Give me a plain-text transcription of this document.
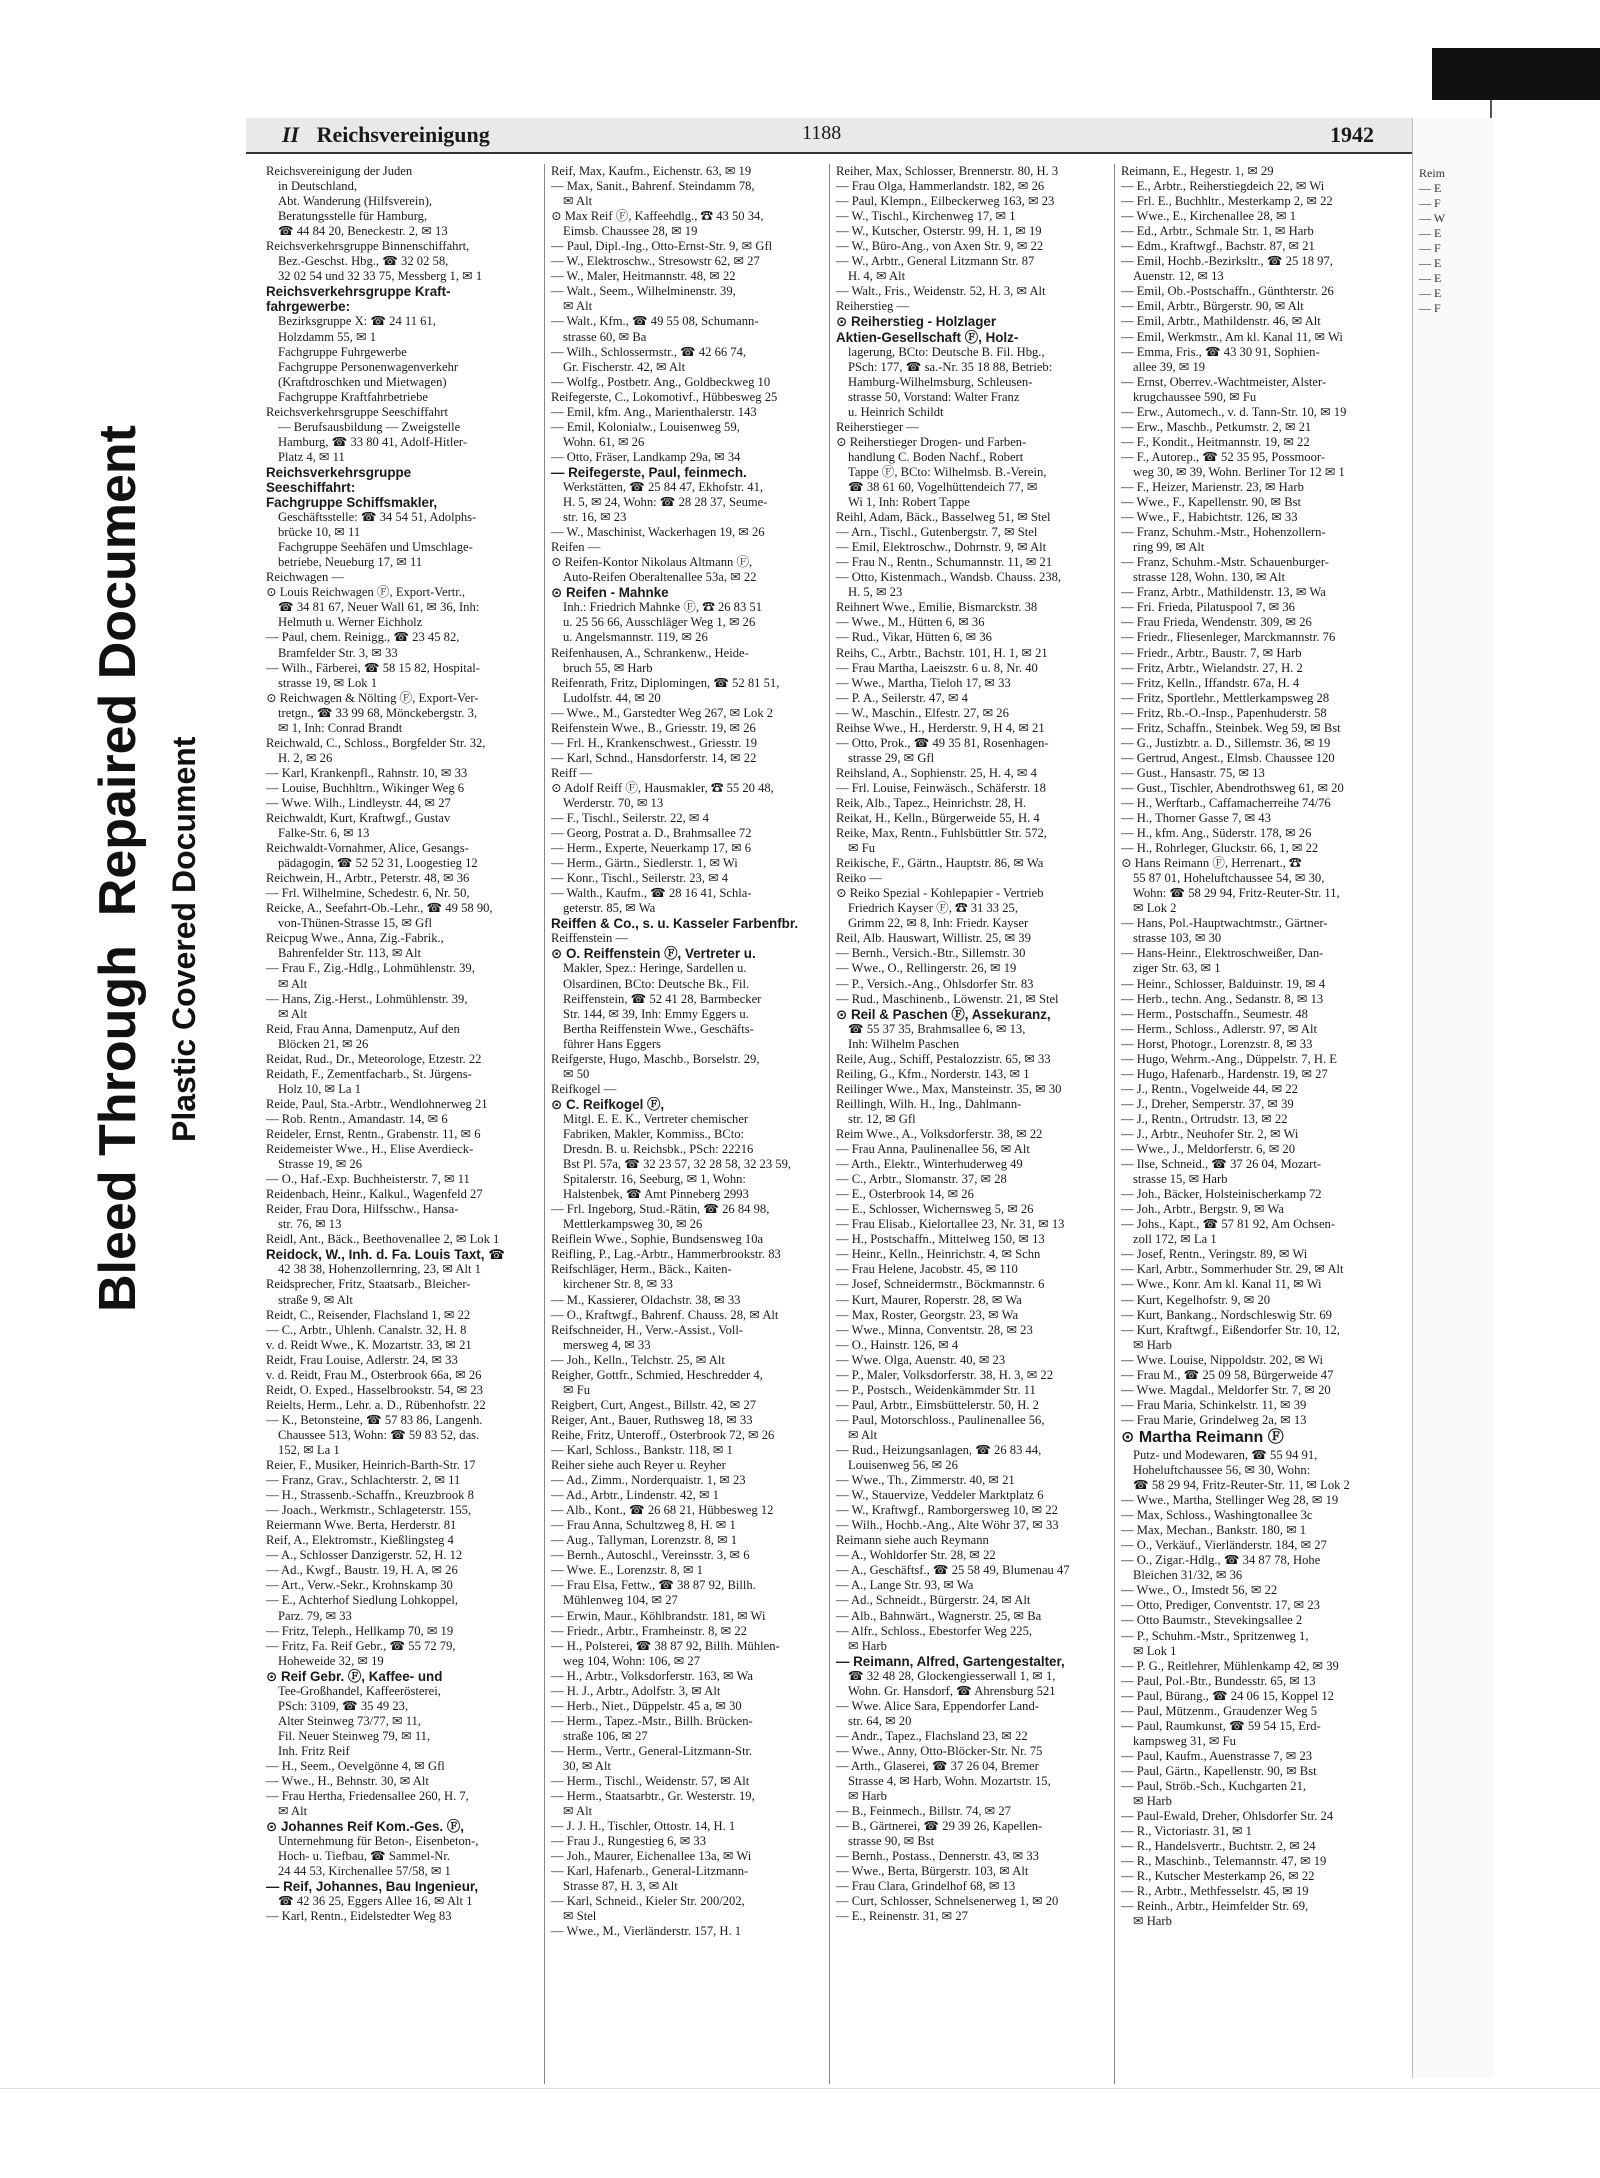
Bleed Through  Repaired Document
Plastic Covered Document
II Reichsvereinigung	1188	1942
Reichsvereinigung der Juden
in Deutschland,
Abt. Wanderung (Hilfsverein),
Beratungsstelle für Hamburg,
☎ 44 84 20, Beneckestr. 2, ✉ 13
Reichsverkehrsgruppe Binnenschiffahrt,
Bez.-Geschst. Hbg., ☎ 32 02 58,
32 02 54 und 32 33 75, Messberg 1, ✉ 1
Reichsverkehrsgruppe Kraft-
fahrgewerbe:
Bezirksgruppe X: ☎ 24 11 61,
Holzdamm 55, ✉ 1
Fachgruppe Fuhrgewerbe
Fachgruppe Personenwagenverkehr
(Kraftdroschken und Mietwagen)
Fachgruppe Kraftfahrbetriebe
Reichsverkehrsgruppe Seeschiffahrt
— Berufsausbildung — Zweigstelle
Hamburg, ☎ 33 80 41, Adolf-Hitler-
Platz 4, ✉ 11
Reichsverkehrsgruppe
Seeschiffahrt:
Fachgruppe Schiffsmakler,
Geschäftsstelle: ☎ 34 54 51, Adolphs-
brücke 10, ✉ 11
Fachgruppe Seehäfen und Umschlage-
betriebe, Neueburg 17, ✉ 11
Reichwagen —
⊙ Louis Reichwagen Ⓕ, Export-Vertr.,
☎ 34 81 67, Neuer Wall 61, ✉ 36, Inh:
Helmuth u. Werner Eichholz
— Paul, chem. Reinigg., ☎ 23 45 82,
Bramfelder Str. 3, ✉ 33
— Wilh., Färberei, ☎ 58 15 82, Hospital-
strasse 19, ✉ Lok 1
⊙ Reichwagen & Nölting Ⓕ, Export-Ver-
tretgn., ☎ 33 99 68, Mönckebergstr. 3,
✉ 1, Inh: Conrad Brandt
Reichwald, C., Schloss., Borgfelder Str. 32,
H. 2, ✉ 26
— Karl, Krankenpfl., Rahnstr. 10, ✉ 33
— Louise, Buchhltrn., Wikinger Weg 6
— Wwe. Wilh., Lindleystr. 44, ✉ 27
Reichwaldt, Kurt, Kraftwgf., Gustav
Falke-Str. 6, ✉ 13
Reichwaldt-Vornahmer, Alice, Gesangs-
pädagogin, ☎ 52 52 31, Loogestieg 12
Reichwein, H., Arbtr., Peterstr. 48, ✉ 36
— Frl. Wilhelmine, Schedestr. 6, Nr. 50,
Reicke, A., Seefahrt-Ob.-Lehr., ☎ 49 58 90,
von-Thünen-Strasse 15, ✉ Gfl
Reicpug Wwe., Anna, Zig.-Fabrik.,
Bahrenfelder Str. 113, ✉ Alt
— Frau F., Zig.-Hdlg., Lohmühlenstr. 39,
✉ Alt
— Hans, Zig.-Herst., Lohmühlenstr. 39,
✉ Alt
Reid, Frau Anna, Damenputz, Auf den
Blöcken 21, ✉ 26
Reidat, Rud., Dr., Meteorologe, Etzestr. 22
Reidath, F., Zementfacharb., St. Jürgens-
Holz 10, ✉ La 1
Reide, Paul, Sta.-Arbtr., Wendlohnerweg 21
— Rob. Rentn., Amandastr. 14, ✉ 6
Reideler, Ernst, Rentn., Grabenstr. 11, ✉ 6
Reidemeister Wwe., H., Elise Averdieck-
Strasse 19, ✉ 26
— O., Haf.-Exp. Buchheisterstr. 7, ✉ 11
Reidenbach, Heinr., Kalkul., Wagenfeld 27
Reider, Frau Dora, Hilfsschw., Hansa-
str. 76, ✉ 13
Reidl, Ant., Bäck., Beethovenallee 2, ✉ Lok 1
Reidock, W., Inh. d. Fa. Louis Taxt, ☎
42 38 38, Hohenzollernring, 23, ✉ Alt 1
Reidsprecher, Fritz, Staatsarb., Bleicher-
straße 9, ✉ Alt
Reidt, C., Reisender, Flachsland 1, ✉ 22
— C., Arbtr., Uhlenh. Canalstr. 32, H. 8
v. d. Reidt Wwe., K. Mozartstr. 33, ✉ 21
Reidt, Frau Louise, Adlerstr. 24, ✉ 33
v. d. Reidt, Frau M., Osterbrook 66a, ✉ 26
Reidt, O. Exped., Hasselbrookstr. 54, ✉ 23
Reielts, Herm., Lehr. a. D., Rübenhofstr. 22
— K., Betonsteine, ☎ 57 83 86, Langenh.
Chaussee 513, Wohn: ☎ 59 83 52, das.
152, ✉ La 1
Reier, F., Musiker, Heinrich-Barth-Str. 17
— Franz, Grav., Schlachterstr. 2, ✉ 11
— H., Strassenb.-Schaffn., Kreuzbrook 8
— Joach., Werkmstr., Schlageterstr. 155,
Reiermann Wwe. Berta, Herderstr. 81
Reif, A., Elektromstr., Kießlingsteg 4
— A., Schlosser Danzigerstr. 52, H. 12
— Ad., Kwgf., Baustr. 19, H. A, ✉ 26
— Art., Verw.-Sekr., Krohnskamp 30
— E., Achterhof Siedlung Lohkoppel,
Parz. 79, ✉ 33
— Fritz, Teleph., Hellkamp 70, ✉ 19
— Fritz, Fa. Reif Gebr., ☎ 55 72 79,
Hoheweide 32, ✉ 19
⊙ Reif Gebr. Ⓕ, Kaffee- und
Tee-Großhandel, Kaffeerösterei,
PSch: 3109, ☎ 35 49 23,
Alter Steinweg 73/77, ✉ 11,
Fil. Neuer Steinweg 79, ✉ 11,
Inh. Fritz Reif
— H., Seem., Oevelgönne 4, ✉ Gfl
— Wwe., H., Behnstr. 30, ✉ Alt
— Frau Hertha, Friedensallee 260, H. 7,
✉ Alt
⊙ Johannes Reif Kom.-Ges. Ⓕ,
Unternehmung für Beton-, Eisenbeton-,
Hoch- u. Tiefbau, ☎ Sammel-Nr.
24 44 53, Kirchenallee 57/58, ✉ 1
— Reif, Johannes, Bau Ingenieur,
☎ 42 36 25, Eggers Allee 16, ✉ Alt 1
— Karl, Rentn., Eidelstedter Weg 83
Reif, Max, Kaufm., Eichenstr. 63, ✉ 19
— Max, Sanit., Bahrenf. Steindamm 78,
✉ Alt
⊙ Max Reif Ⓕ, Kaffeehdlg., ☎ 43 50 34,
Eimsb. Chaussee 28, ✉ 19
— Paul, Dipl.-Ing., Otto-Ernst-Str. 9, ✉ Gfl
— W., Elektroschw., Stresowstr 62, ✉ 27
— W., Maler, Heitmannstr. 48, ✉ 22
— Walt., Seem., Wilhelminenstr. 39,
✉ Alt
— Walt., Kfm., ☎ 49 55 08, Schumann-
strasse 60, ✉ Ba
— Wilh., Schlossermstr., ☎ 42 66 74,
Gr. Fischerstr. 42, ✉ Alt
— Wolfg., Postbetr. Ang., Goldbeckweg 10
Reifegerste, C., Lokomotivf., Hübbesweg 25
— Emil, kfm. Ang., Marienthalerstr. 143
— Emil, Kolonialw., Louisenweg 59,
Wohn. 61, ✉ 26
— Otto, Fräser, Landkamp 29a, ✉ 34
— Reifegerste, Paul, feinmech.
Werkstätten, ☎ 25 84 47, Ekhofstr. 41,
H. 5, ✉ 24, Wohn: ☎ 28 28 37, Seume-
str. 16, ✉ 23
— W., Maschinist, Wackerhagen 19, ✉ 26
Reifen —
⊙ Reifen-Kontor Nikolaus Altmann Ⓕ,
Auto-Reifen Oberaltenallee 53a, ✉ 22
⊙ Reifen - Mahnke
Inh.: Friedrich Mahnke Ⓕ, ☎ 26 83 51
u. 25 56 66, Ausschläger Weg 1, ✉ 26
u. Angelsmannstr. 119, ✉ 26
Reifenhausen, A., Schrankenw., Heide-
bruch 55, ✉ Harb
Reifenrath, Fritz, Diplomingen, ☎ 52 81 51,
Ludolfstr. 44, ✉ 20
— Wwe., M., Garstedter Weg 267, ✉ Lok 2
Reifenstein Wwe., B., Griesstr. 19, ✉ 26
— Frl. H., Krankenschwest., Griesstr. 19
— Karl, Schnd., Hansdorferstr. 14, ✉ 22
Reiff —
⊙ Adolf Reiff Ⓕ, Hausmakler, ☎ 55 20 48,
Werderstr. 70, ✉ 13
— F., Tischl., Seilerstr. 22, ✉ 4
— Georg, Postrat a. D., Brahmsallee 72
— Herm., Experte, Neuerkamp 17, ✉ 6
— Herm., Gärtn., Siedlerstr. 1, ✉ Wi
— Konr., Tischl., Seilerstr. 23, ✉ 4
— Walth., Kaufm., ☎ 28 16 41, Schla-
geterstr. 85, ✉ Wa
Reiffen & Co., s. u. Kasseler Farbenfbr.
Reiffenstein —
⊙ O. Reiffenstein Ⓕ, Vertreter u.
Makler, Spez.: Heringe, Sardellen u.
Olsardinen, BCto: Deutsche Bk., Fil.
Reiffenstein, ☎ 52 41 28, Barmbecker
Str. 144, ✉ 39, Inh: Emmy Eggers u.
Bertha Reiffenstein Wwe., Geschäfts-
führer Hans Eggers
Reifgerste, Hugo, Maschb., Borselstr. 29,
✉ 50
Reifkogel —
⊙ C. Reifkogel Ⓕ,
Mitgl. E. E. K., Vertreter chemischer
Fabriken, Makler, Kommiss., BCto:
Dresdn. B. u. Reichsbk., PSch: 22216
Bst Pl. 57a, ☎ 32 23 57, 32 28 58, 32 23 59,
Spitalerstr. 16, Seeburg, ✉ 1, Wohn:
Halstenbek, ☎ Amt Pinneberg 2993
— Frl. Ingeborg, Stud.-Rätin, ☎ 26 84 98,
Mettlerkampsweg 30, ✉ 26
Reiflein Wwe., Sophie, Bundsensweg 10a
Reifling, P., Lag.-Arbtr., Hammerbrookstr. 83
Reifschläger, Herm., Bäck., Kaiten-
kirchener Str. 8, ✉ 33
— M., Kassierer, Oldachstr. 38, ✉ 33
— O., Kraftwgf., Bahrenf. Chauss. 28, ✉ Alt
Reifschneider, H., Verw.-Assist., Voll-
mersweg 4, ✉ 33
— Joh., Kelln., Telchstr. 25, ✉ Alt
Reigher, Gottfr., Schmied, Heschredder 4,
✉ Fu
Reigbert, Curt, Angest., Billstr. 42, ✉ 27
Reiger, Ant., Bauer, Ruthsweg 18, ✉ 33
Reihe, Fritz, Unteroff., Osterbrook 72, ✉ 26
— Karl, Schloss., Bankstr. 118, ✉ 1
Reiher siehe auch Reyer u. Reyher
— Ad., Zimm., Norderquaistr. 1, ✉ 23
— Ad., Arbtr., Lindenstr. 42, ✉ 1
— Alb., Kont., ☎ 26 68 21, Hübbesweg 12
— Frau Anna, Schultzweg 8, H. ✉ 1
— Aug., Tallyman, Lorenzstr. 8, ✉ 1
— Bernh., Autoschl., Vereinsstr. 3, ✉ 6
— Wwe. E., Lorenzstr. 8, ✉ 1
— Frau Elsa, Fettw., ☎ 38 87 92, Billh.
Mühlenweg 104, ✉ 27
— Erwin, Maur., Köhlbrandstr. 181, ✉ Wi
— Friedr., Arbtr., Framheinstr. 8, ✉ 22
— H., Polsterei, ☎ 38 87 92, Billh. Mühlen-
weg 104, Wohn: 106, ✉ 27
— H., Arbtr., Volksdorferstr. 163, ✉ Wa
— H. J., Arbtr., Adolfstr. 3, ✉ Alt
— Herb., Niet., Düppelstr. 45 a, ✉ 30
— Herm., Tapez.-Mstr., Billh. Brücken-
straße 106, ✉ 27
— Herm., Vertr., General-Litzmann-Str.
30, ✉ Alt
— Herm., Tischl., Weidenstr. 57, ✉ Alt
— Herm., Staatsarbtr., Gr. Westerstr. 19,
✉ Alt
— J. J. H., Tischler, Ottostr. 14, H. 1
— Frau J., Rungestieg 6, ✉ 33
— Joh., Maurer, Eichenallee 13a, ✉ Wi
— Karl, Hafenarb., General-Litzmann-
Strasse 87, H. 3, ✉ Alt
— Karl, Schneid., Kieler Str. 200/202,
✉ Stel
— Wwe., M., Vierländerstr. 157, H. 1
Reiher, Max, Schlosser, Brennerstr. 80, H. 3
— Frau Olga, Hammerlandstr. 182, ✉ 26
— Paul, Klempn., Eilbeckerweg 163, ✉ 23
— W., Tischl., Kirchenweg 17, ✉ 1
— W., Kutscher, Osterstr. 99, H. 1, ✉ 19
— W., Büro-Ang., von Axen Str. 9, ✉ 22
— W., Arbtr., General Litzmann Str. 87
H. 4, ✉ Alt
— Walt., Fris., Weidenstr. 52, H. 3, ✉ Alt
Reiherstieg —
⊙ Reiherstieg - Holzlager
Aktien-Gesellschaft Ⓕ, Holz-
lagerung, BCto: Deutsche B. Fil. Hbg.,
PSch: 177, ☎ sa.-Nr. 35 18 88, Betrieb:
Hamburg-Wilhelmsburg, Schleusen-
strasse 50, Vorstand: Walter Franz
u. Heinrich Schildt
Reiherstieger —
⊙ Reiherstieger Drogen- und Farben-
handlung C. Boden Nachf., Robert
Tappe Ⓕ, BCto: Wilhelmsb. B.-Verein,
☎ 38 61 60, Vogelhüttendeich 77, ✉
Wi 1, Inh: Robert Tappe
Reihl, Adam, Bäck., Basselweg 51, ✉ Stel
— Arn., Tischl., Gutenbergstr. 7, ✉ Stel
— Emil, Elektroschw., Dohrnstr. 9, ✉ Alt
— Frau N., Rentn., Schumannstr. 11, ✉ 21
— Otto, Kistenmach., Wandsb. Chauss. 238,
H. 5, ✉ 23
Reihnert Wwe., Emilie, Bismarckstr. 38
— Wwe., M., Hütten 6, ✉ 36
— Rud., Vikar, Hütten 6, ✉ 36
Reihs, C., Arbtr., Bachstr. 101, H. 1, ✉ 21
— Frau Martha, Laeiszstr. 6 u. 8, Nr. 40
— Wwe., Martha, Tieloh 17, ✉ 33
— P. A., Seilerstr. 47, ✉ 4
— W., Maschin., Elfestr. 27, ✉ 26
Reihse Wwe., H., Herderstr. 9, H 4, ✉ 21
— Otto, Prok., ☎ 49 35 81, Rosenhagen-
strasse 29, ✉ Gfl
Reihsland, A., Sophienstr. 25, H. 4, ✉ 4
— Frl. Louise, Feinwäsch., Schäferstr. 18
Reik, Alb., Tapez., Heinrichstr. 28, H.
Reikat, H., Kelln., Bürgerweide 55, H. 4
Reike, Max, Rentn., Fuhlsbüttler Str. 572,
✉ Fu
Reikische, F., Gärtn., Hauptstr. 86, ✉ Wa
Reiko —
⊙ Reiko Spezial - Kohlepapier - Vertrieb
Friedrich Kayser Ⓕ, ☎ 31 33 25,
Grimm 22, ✉ 8, Inh: Friedr. Kayser
Reil, Alb. Hauswart, Willistr. 25, ✉ 39
— Bernh., Versich.-Btr., Sillemstr. 30
— Wwe., O., Rellingerstr. 26, ✉ 19
— P., Versich.-Ang., Ohlsdorfer Str. 83
— Rud., Maschinenb., Löwenstr. 21, ✉ Stel
⊙ Reil & Paschen Ⓕ, Assekuranz,
☎ 55 37 35, Brahmsallee 6, ✉ 13,
Inh: Wilhelm Paschen
Reile, Aug., Schiff, Pestalozzistr. 65, ✉ 33
Reiling, G., Kfm., Norderstr. 143, ✉ 1
Reilinger Wwe., Max, Mansteinstr. 35, ✉ 30
Reillingh, Wilh. H., Ing., Dahlmann-
str. 12, ✉ Gfl
Reim Wwe., A., Volksdorferstr. 38, ✉ 22
— Frau Anna, Paulinenallee 56, ✉ Alt
— Arth., Elektr., Winterhuderweg 49
— C., Arbtr., Slomanstr. 37, ✉ 28
— E., Osterbrook 14, ✉ 26
— E., Schlosser, Wichernsweg 5, ✉ 26
— Frau Elisab., Kielortallee 23, Nr. 31, ✉ 13
— H., Postschaffn., Mittelweg 150, ✉ 13
— Heinr., Kelln., Heinrichstr. 4, ✉ Schn
— Frau Helene, Jacobstr. 45, ✉ 110
— Josef, Schneidermstr., Böckmannstr. 6
— Kurt, Maurer, Roperstr. 28, ✉ Wa
— Max, Roster, Georgstr. 23, ✉ Wa
— Wwe., Minna, Conventstr. 28, ✉ 23
— O., Hainstr. 126, ✉ 4
— Wwe. Olga, Auenstr. 40, ✉ 23
— P., Maler, Volksdorferstr. 38, H. 3, ✉ 22
— P., Postsch., Weidenkämmder Str. 11
— Paul, Arbtr., Eimsbüttelerstr. 50, H. 2
— Paul, Motorschloss., Paulinenallee 56,
✉ Alt
— Rud., Heizungsanlagen, ☎ 26 83 44,
Louisenweg 56, ✉ 26
— Wwe., Th., Zimmerstr. 40, ✉ 21
— W., Stauervize, Veddeler Marktplatz 6
— W., Kraftwgf., Ramborgersweg 10, ✉ 22
— Wilh., Hochb.-Ang., Alte Wöhr 37, ✉ 33
Reimann siehe auch Reymann
— A., Wohldorfer Str. 28, ✉ 22
— A., Geschäftsf., ☎ 25 58 49, Blumenau 47
— A., Lange Str. 93, ✉ Wa
— Ad., Schneidt., Bürgerstr. 24, ✉ Alt
— Alb., Bahnwärt., Wagnerstr. 25, ✉ Ba
— Alfr., Schloss., Ebestorfer Weg 225,
✉ Harb
— Reimann, Alfred, Gartengestalter,
☎ 32 48 28, Glockengiesserwall 1, ✉ 1,
Wohn. Gr. Hansdorf, ☎ Ahrensburg 521
— Wwe. Alice Sara, Eppendorfer Land-
str. 64, ✉ 20
— Andr., Tapez., Flachsland 23, ✉ 22
— Wwe., Anny, Otto-Blöcker-Str. Nr. 75
— Arth., Glaserei, ☎ 37 26 04, Bremer
Strasse 4, ✉ Harb, Wohn. Mozartstr. 15,
✉ Harb
— B., Feinmech., Billstr. 74, ✉ 27
— B., Gärtnerei, ☎ 29 39 26, Kapellen-
strasse 90, ✉ Bst
— Bernh., Postass., Dennerstr. 43, ✉ 33
— Wwe., Berta, Bürgerstr. 103, ✉ Alt
— Frau Clara, Grindelhof 68, ✉ 13
— Curt, Schlosser, Schnelsenerweg 1, ✉ 20
— E., Reinenstr. 31, ✉ 27
Reimann, E., Hegestr. 1, ✉ 29
— E., Arbtr., Reiherstiegdeich 22, ✉ Wi
— Frl. E., Buchhltr., Mesterkamp 2, ✉ 22
— Wwe., E., Kirchenallee 28, ✉ 1
— Ed., Arbtr., Schmale Str. 1, ✉ Harb
— Edm., Kraftwgf., Bachstr. 87, ✉ 21
— Emil, Hochb.-Bezirksltr., ☎ 25 18 97,
Auenstr. 12, ✉ 13
— Emil, Ob.-Postschaffn., Günthterstr. 26
— Emil, Arbtr., Bürgerstr. 90, ✉ Alt
— Emil, Arbtr., Mathildenstr. 46, ✉ Alt
— Emil, Werkmstr., Am kl. Kanal 11, ✉ Wi
— Emma, Fris., ☎ 43 30 91, Sophien-
allee 39, ✉ 19
— Ernst, Oberrev.-Wachtmeister, Alster-
krugchaussee 590, ✉ Fu
— Erw., Automech., v. d. Tann-Str. 10, ✉ 19
— Erw., Maschb., Petkumstr. 2, ✉ 21
— F., Kondit., Heitmannstr. 19, ✉ 22
— F., Autorep., ☎ 52 35 95, Possmoor-
weg 30, ✉ 39, Wohn. Berliner Tor 12 ✉ 1
— F., Heizer, Marienstr. 23, ✉ Harb
— Wwe., F., Kapellenstr. 90, ✉ Bst
— Wwe., F., Habichtstr. 126, ✉ 33
— Franz, Schuhm.-Mstr., Hohenzollern-
ring 99, ✉ Alt
— Franz, Schuhm.-Mstr. Schauenburger-
strasse 128, Wohn. 130, ✉ Alt
— Franz, Arbtr., Mathildenstr. 13, ✉ Wa
— Fri. Frieda, Pilatuspool 7, ✉ 36
— Frau Frieda, Wendenstr. 309, ✉ 26
— Friedr., Fliesenleger, Marckmannstr. 76
— Friedr., Arbtr., Baustr. 7, ✉ Harb
— Fritz, Arbtr., Wielandstr. 27, H. 2
— Fritz, Kelln., Iffandstr. 67a, H. 4
— Fritz, Sportlehr., Mettlerkampsweg 28
— Fritz, Rb.-O.-Insp., Papenhuderstr. 58
— Fritz, Schaffn., Steinbek. Weg 59, ✉ Bst
— G., Justizbtr. a. D., Sillemstr. 36, ✉ 19
— Gertrud, Angest., Elmsb. Chaussee 120
— Gust., Hansastr. 75, ✉ 13
— Gust., Tischler, Abendrothsweg 61, ✉ 20
— H., Werftarb., Caffamacherreihe 74/76
— H., Thorner Gasse 7, ✉ 43
— H., kfm. Ang., Süderstr. 178, ✉ 26
— H., Rohrleger, Gluckstr. 66, 1, ✉ 22
⊙ Hans Reimann Ⓕ, Herrenart., ☎
55 87 01, Hoheluftchaussee 54, ✉ 30,
Wohn: ☎ 58 29 94, Fritz-Reuter-Str. 11,
✉ Lok 2
— Hans, Pol.-Hauptwachtmstr., Gärtner-
strasse 103, ✉ 30
— Hans-Heinr., Elektroschweißer, Dan-
ziger Str. 63, ✉ 1
— Heinr., Schlosser, Balduinstr. 19, ✉ 4
— Herb., techn. Ang., Sedanstr. 8, ✉ 13
— Herm., Postschaffn., Seumestr. 48
— Herm., Schloss., Adlerstr. 97, ✉ Alt
— Horst, Photogr., Lorenzstr. 8, ✉ 33
— Hugo, Wehrm.-Ang., Düppelstr. 7, H. E
— Hugo, Hafenarb., Hardenstr. 19, ✉ 27
— J., Rentn., Vogelweide 44, ✉ 22
— J., Dreher, Semperstr. 37, ✉ 39
— J., Rentn., Ortrudstr. 13, ✉ 22
— J., Arbtr., Neuhofer Str. 2, ✉ Wi
— Wwe., J., Meldorferstr. 6, ✉ 20
— Ilse, Schneid., ☎ 37 26 04, Mozart-
strasse 15, ✉ Harb
— Joh., Bäcker, Holsteinischerkamp 72
— Joh., Arbtr., Bergstr. 9, ✉ Wa
— Johs., Kapt., ☎ 57 81 92, Am Ochsen-
zoll 172, ✉ La 1
— Josef, Rentn., Veringstr. 89, ✉ Wi
— Karl, Arbtr., Sommerhuder Str. 29, ✉ Alt
— Wwe., Konr. Am kl. Kanal 11, ✉ Wi
— Kurt, Kegelhofstr. 9, ✉ 20
— Kurt, Bankang., Nordschleswig Str. 69
— Kurt, Kraftwgf., Eißendorfer Str. 10, 12,
✉ Harb
— Wwe. Louise, Nippoldstr. 202, ✉ Wi
— Frau M., ☎ 25 09 58, Bürgerweide 47
— Wwe. Magdal., Meldorfer Str. 7, ✉ 20
— Frau Maria, Schinkelstr. 11, ✉ 39
— Frau Marie, Grindelweg 2a, ✉ 13
⊙ Martha Reimann Ⓕ
Putz- und Modewaren, ☎ 55 94 91,
Hoheluftchaussee 56, ✉ 30, Wohn:
☎ 58 29 94, Fritz-Reuter-Str. 11, ✉ Lok 2
— Wwe., Martha, Stellinger Weg 28, ✉ 19
— Max, Schloss., Washingtonallee 3c
— Max, Mechan., Bankstr. 180, ✉ 1
— O., Verkäuf., Vierländerstr. 184, ✉ 27
— O., Zigar.-Hdlg., ☎ 34 87 78, Hohe
Bleichen 31/32, ✉ 36
— Wwe., O., Imstedt 56, ✉ 22
— Otto, Prediger, Conventstr. 17, ✉ 23
— Otto Baumstr., Stevekingsallee 2
— P., Schuhm.-Mstr., Spritzenweg 1,
✉ Lok 1
— P. G., Reitlehrer, Mühlenkamp 42, ✉ 39
— Paul, Pol.-Btr., Bundesstr. 65, ✉ 13
— Paul, Bürang., ☎ 24 06 15, Koppel 12
— Paul, Mützenm., Graudenzer Weg 5
— Paul, Raumkunst, ☎ 59 54 15, Erd-
kampsweg 31, ✉ Fu
— Paul, Kaufm., Auenstrasse 7, ✉ 23
— Paul, Gärtn., Kapellenstr. 90, ✉ Bst
— Paul, Ströb.-Sch., Kuchgarten 21,
✉ Harb
— Paul-Ewald, Dreher, Ohlsdorfer Str. 24
— R., Victoriastr. 31, ✉ 1
— R., Handelsvertr., Buchtstr. 2, ✉ 24
— R., Maschinb., Telemannstr. 47, ✉ 19
— R., Kutscher Mesterkamp 26, ✉ 22
— R., Arbtr., Methfesselstr. 45, ✉ 19
— Reinh., Arbtr., Heimfelder Str. 69,
✉ Harb
Reim
— E
— F
— W
— E
— F
— E
— E
— E
— F
